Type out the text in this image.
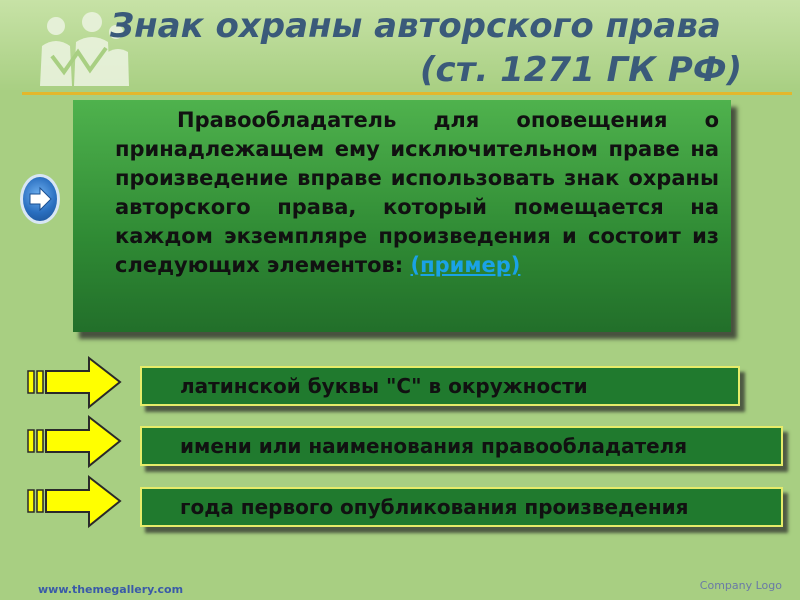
Знак охраны авторского права
(ст. 1271 ГК РФ)
Правообладатель для оповещения о принадлежащем ему исключительном праве на произведение вправе использовать знак охраны авторского права, который помещается на каждом экземпляре произведения и состоит из следующих элементов: (пример)
латинской буквы "С" в окружности
имени или наименования правообладателя
года первого опубликования произведения
www.themegallery.com	Company Logo
